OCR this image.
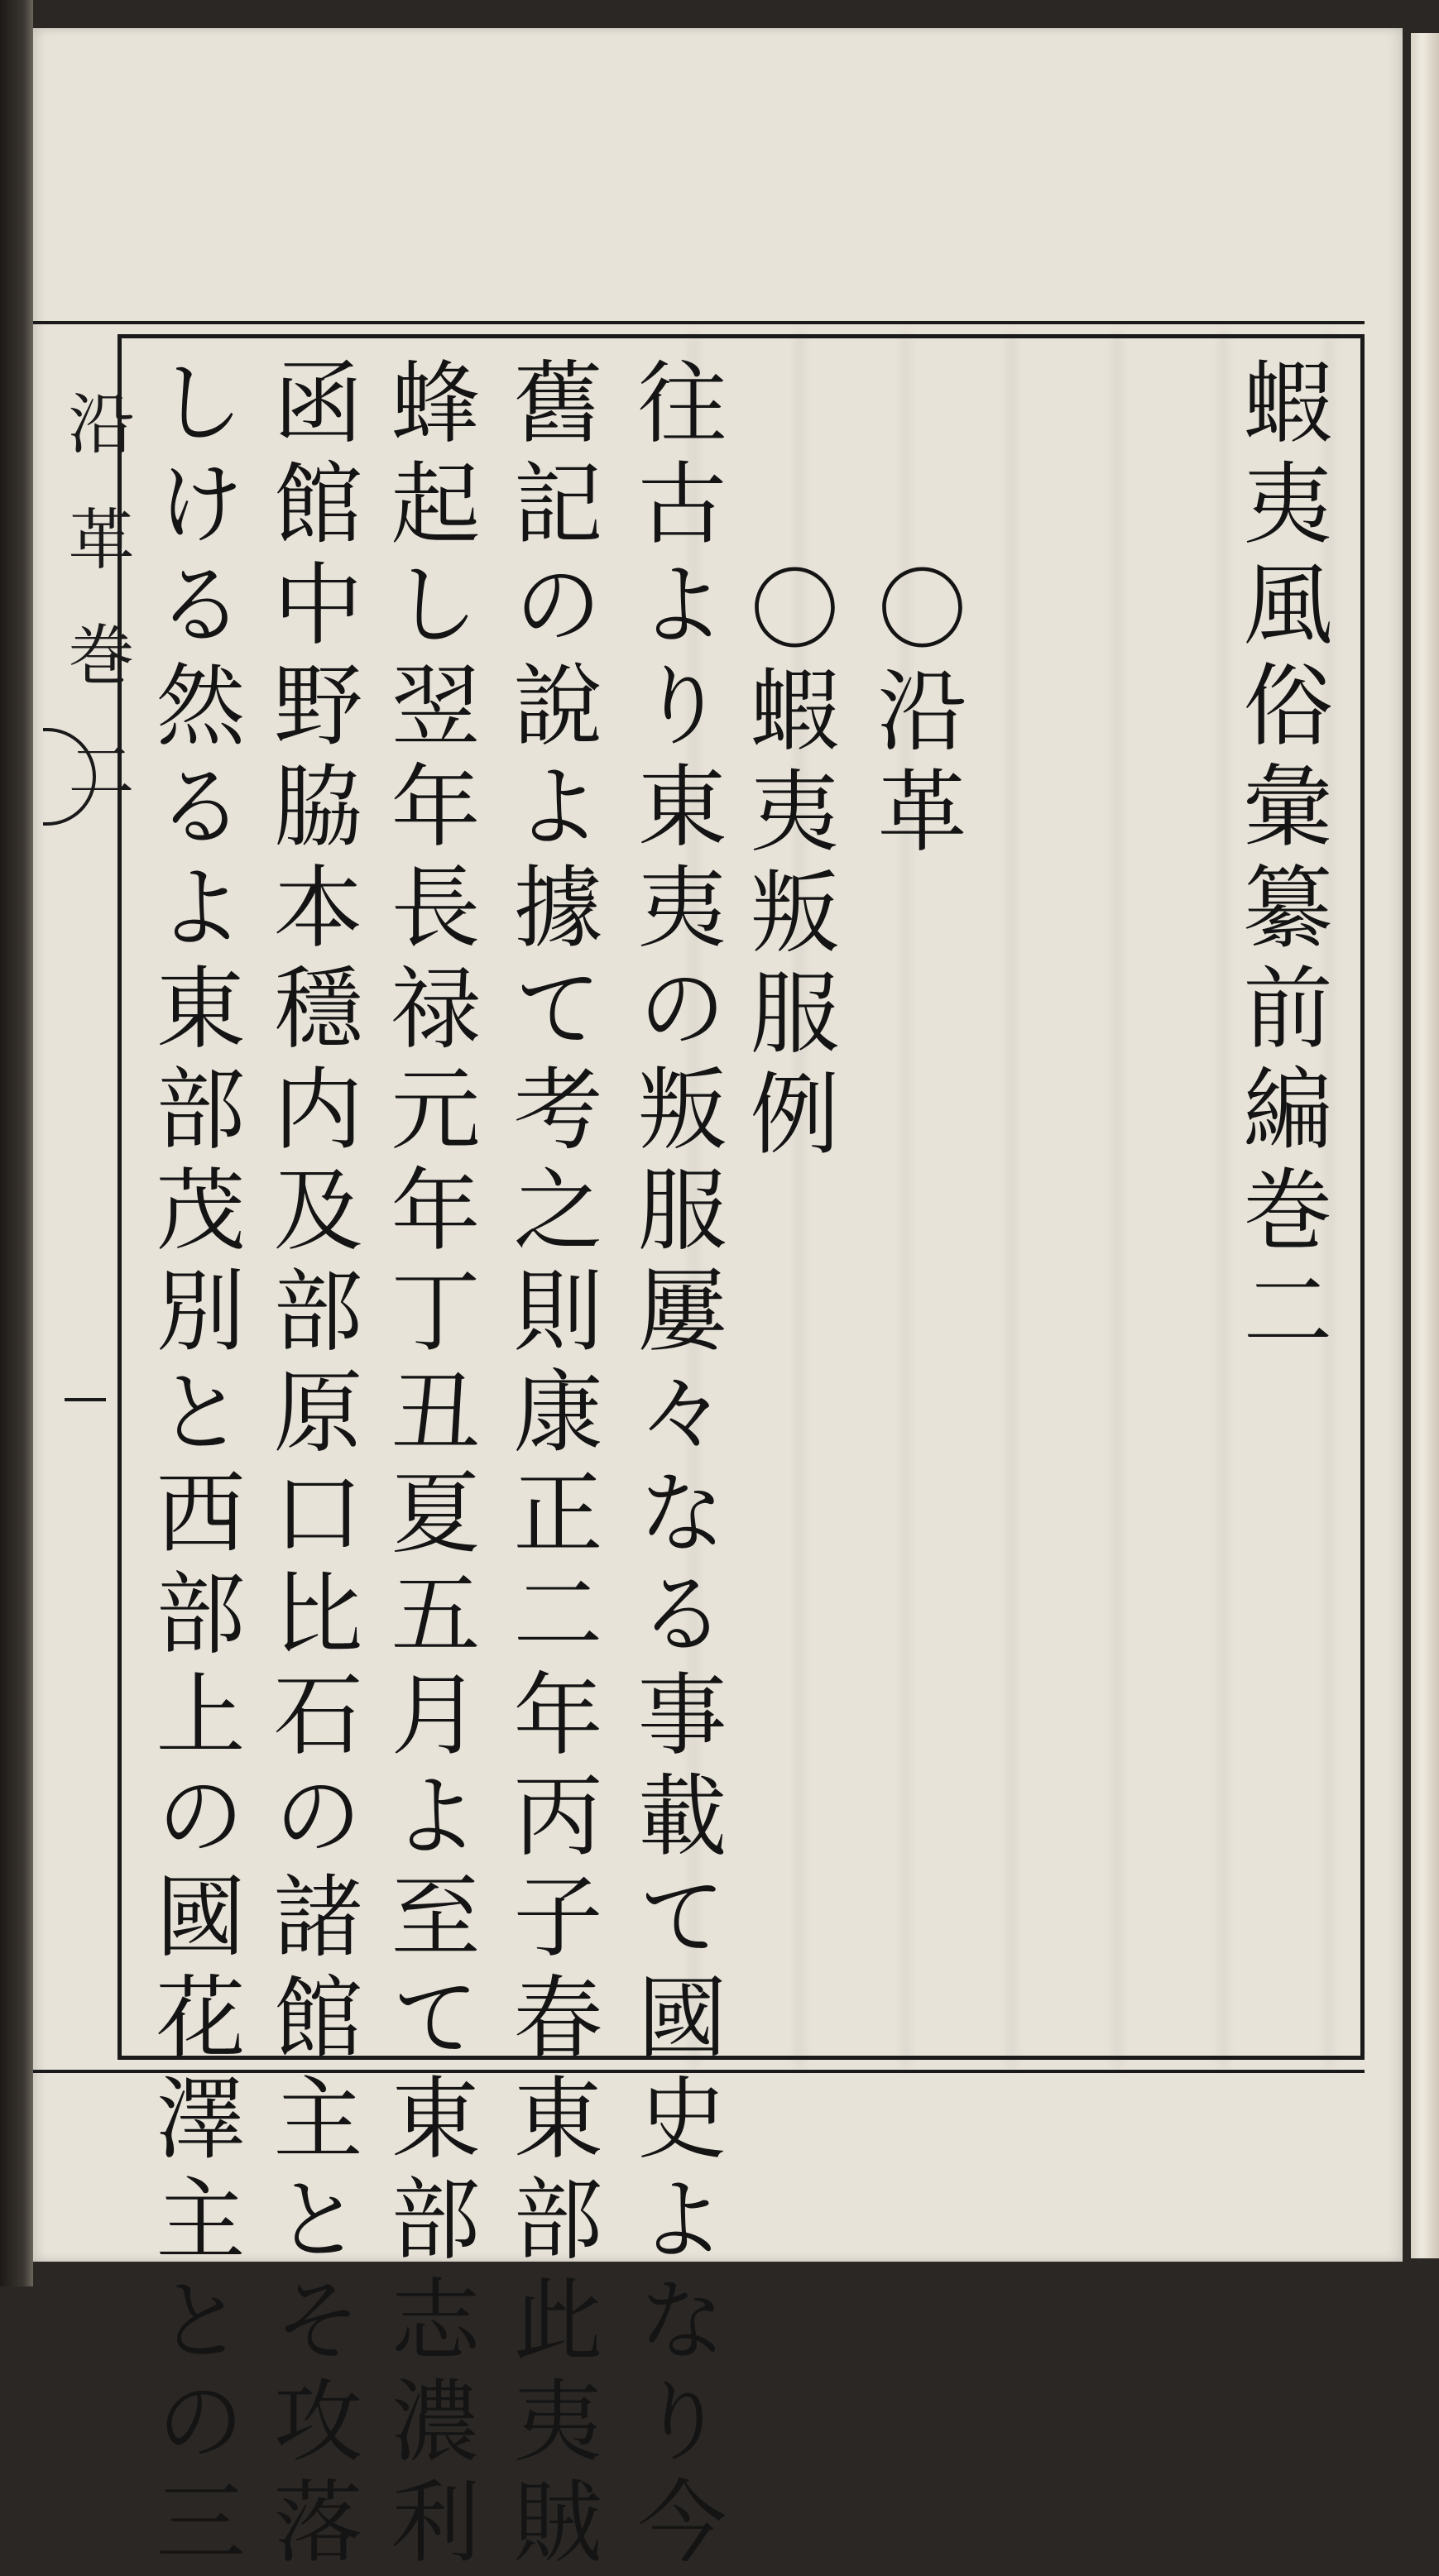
沿革巻二	蝦夷風俗彙纂前編巻二
〇沿革
〇蝦夷叛服例
往古より東夷の叛服屢々なる事載て國史よなり今
舊記の說よ據て考之則康正二年丙子春東部此夷賊
蜂起し翌年長禄元年丁丑夏五月よ至て東部志濃利
函館中野脇本穩内及部原口比石の諸館主とそ攻落
しける然るよ東部茂別と西部上の國花澤主との三
